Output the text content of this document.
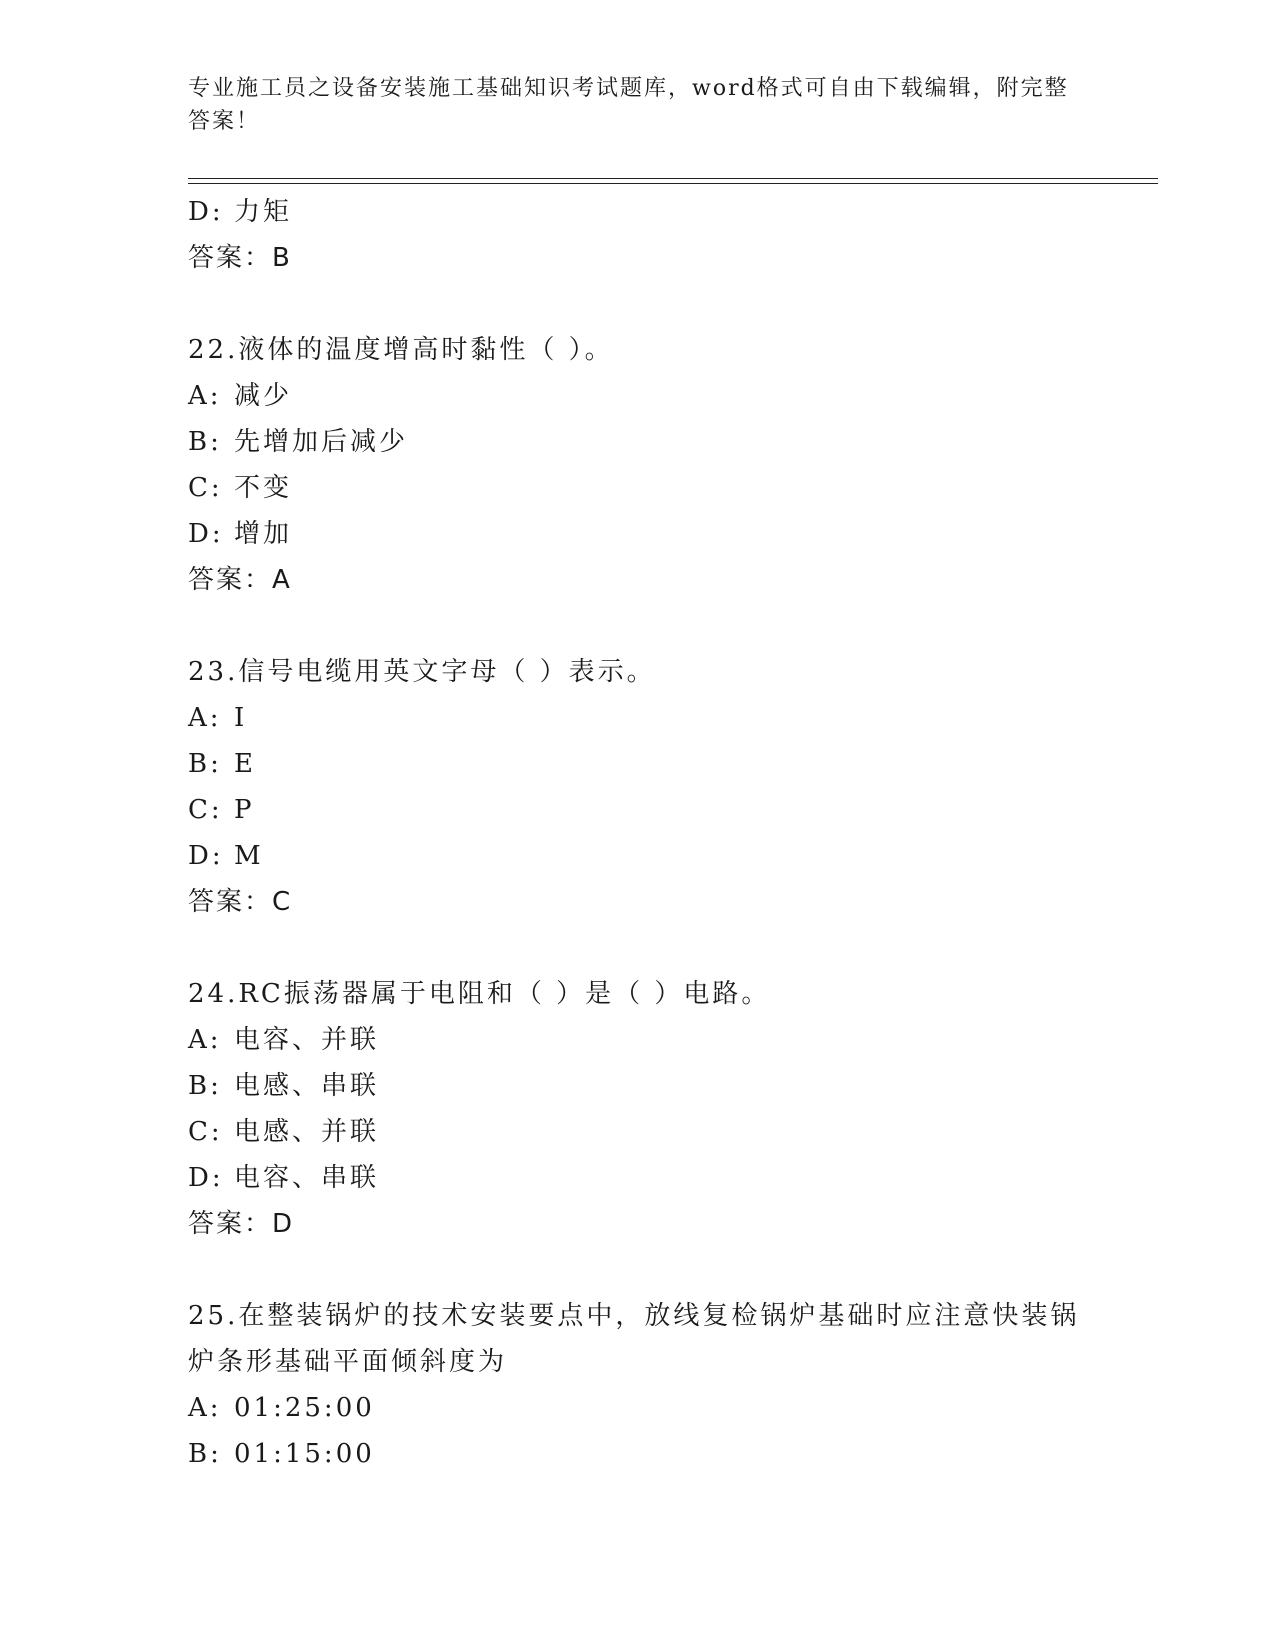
专业施工员之设备安装施工基础知识考试题库，word格式可自由下载编辑，附完整答案！
D: 力矩
答案：B
22.液体的温度增高时黏性（ ）。
A: 减少
B: 先增加后减少
C: 不变
D: 增加
答案：A
23.信号电缆用英文字母（ ）表示。
A: I
B: E
C: P
D: M
答案：C
24.RC振荡器属于电阻和（ ）是（ ）电路。
A: 电容、并联
B: 电感、串联
C: 电感、并联
D: 电容、串联
答案：D
25.在整装锅炉的技术安装要点中，放线复检锅炉基础时应注意快装锅炉条形基础平面倾斜度为
A: 01:25:00
B: 01:15:00
